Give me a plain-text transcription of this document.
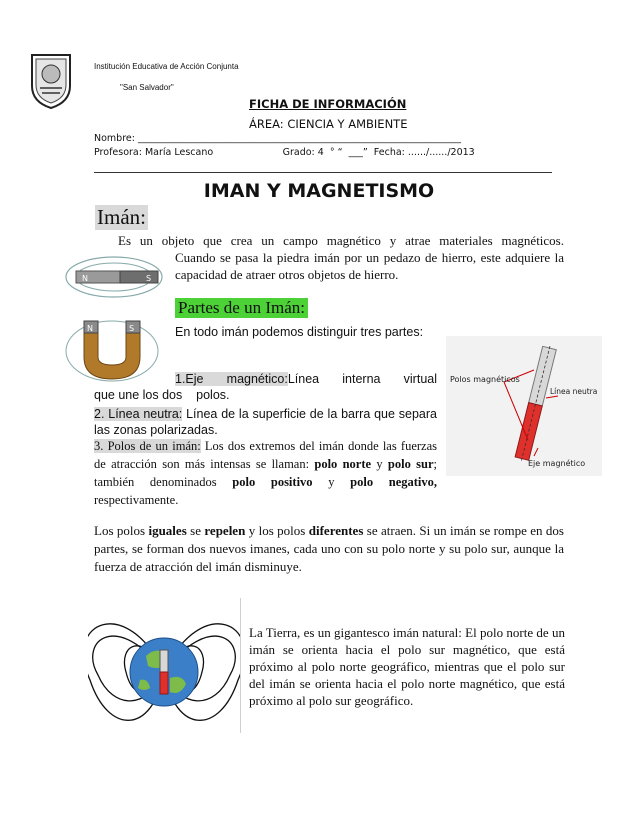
Institución Educativa de Acción Conjunta
"San Salvador"
FICHA DE INFORMACIÓN
ÁREA: CIENCIA Y AMBIENTE
Nombre: ____________________________________________________________________
Profesora: María Lescano                       Grado: 4  ° “  ___”  Fecha: ....../....../2013
IMAN Y MAGNETISMO
Imán:
Es un objeto que crea un campo magnético y atrae materiales magnéticos.
Cuando se pasa la piedra imán por un pedazo de hierro, este adquiere la capacidad de atraer otros objetos de hierro.
N	S
N	S
Partes de un Imán:
En todo imán podemos distinguir tres partes:
1.Eje magnético:Línea interna virtual
que une los dos    polos.
2. Línea neutra: Línea de la superficie de la barra que separa las zonas polarizadas.
3. Polos de un imán: Los dos extremos del imán donde las fuerzas de atracción son más intensas se llaman: polo norte y polo sur; también denominados polo positivo y polo negativo, respectivamente.
Polos magnéticos
Línea neutra
Eje magnético
Los polos iguales se repelen y los polos diferentes se atraen. Si un imán se rompe en dos partes, se forman dos nuevos imanes, cada uno con su polo norte y su polo sur, aunque la fuerza de atracción del imán disminuye.
La Tierra, es un gigantesco imán natural: El polo norte de un imán se orienta hacia el polo sur magnético, que está próximo al polo norte geográfico, mientras que el polo sur del imán se orienta hacia el polo norte magnético, que está próximo al polo sur geográfico.
